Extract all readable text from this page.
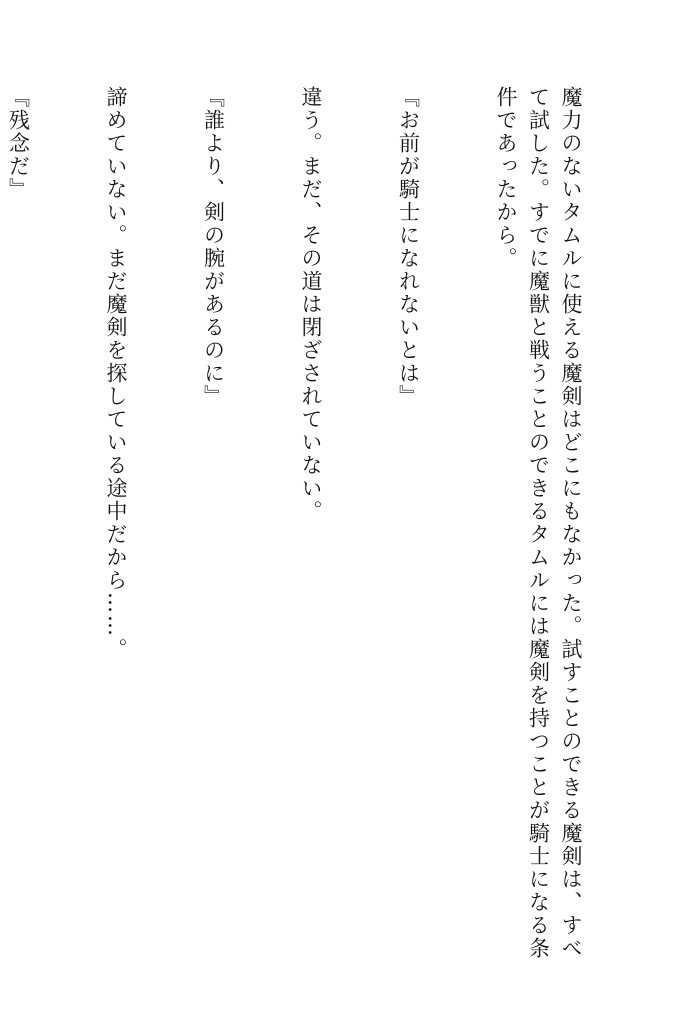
魔力のないタムルに使える魔剣はどこにもなかった。試すことのできる魔剣は、すべて試した。すでに魔獣と戦うことのできるタムルには魔剣を持つことが騎士になる条件であったから。

『お前が騎士になれないとは』

違う。まだ、その道は閉ざされていない。

『誰より、剣の腕があるのに』

諦めていない。まだ魔剣を探している途中だから……。

『残念だ』
